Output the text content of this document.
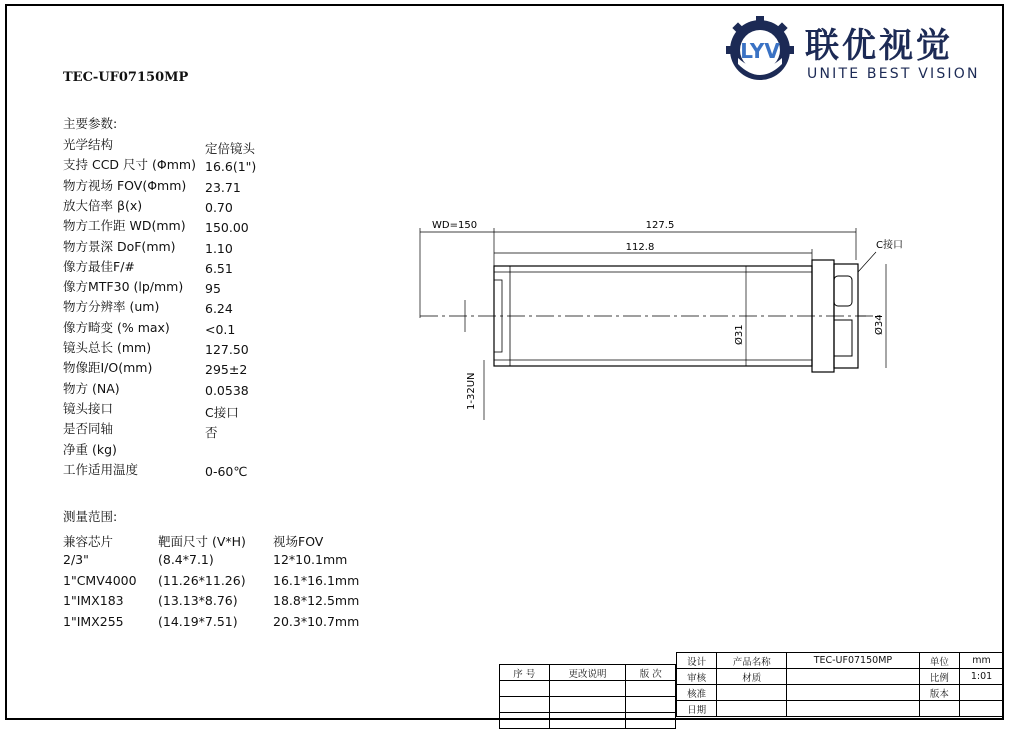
TEC-UF07150MP
LYV 联优视觉
UNITE BEST VISION
主要参数:
光学结构	定倍镜头
支持 CCD 尺寸 (Φmm) 16.6(1")
物方视场 FOV(Φmm) 23.71
放大倍率 β(x)	0.70
物方工作距 WD(mm) 150.00
物方景深 DoF(mm) 1.10
像方最佳F/#	6.51
像方MTF30 (lp/mm) 95
物方分辨率 (um)	6.24
像方畸变 (% max)	<0.1
镜头总长 (mm)	127.50
物像距I/O(mm)	295±2
物方 (NA)	0.0538
镜头接口	C接口
是否同轴	否
净重 (kg)
工作适用温度	0-60℃
测量范围:
兼容芯片	靶面尺寸 (V*H) 视场FOV
2/3"	(8.4*7.1)	12*10.1mm
1"CMV4000 (11.26*11.26) 16.1*16.1mm
1"IMX183	(13.13*8.76)	18.8*12.5mm
1"IMX255	(14.19*7.51)	20.3*10.7mm
WD=150	127.5
112.8
1-32UN
Ø31
C接口
Ø34
序 号	更改说明	版 次

设计	产品名称	TEC-UF07150MP	单位	mm
审核	材质		比例	1:01
核准			版本	
日期				
